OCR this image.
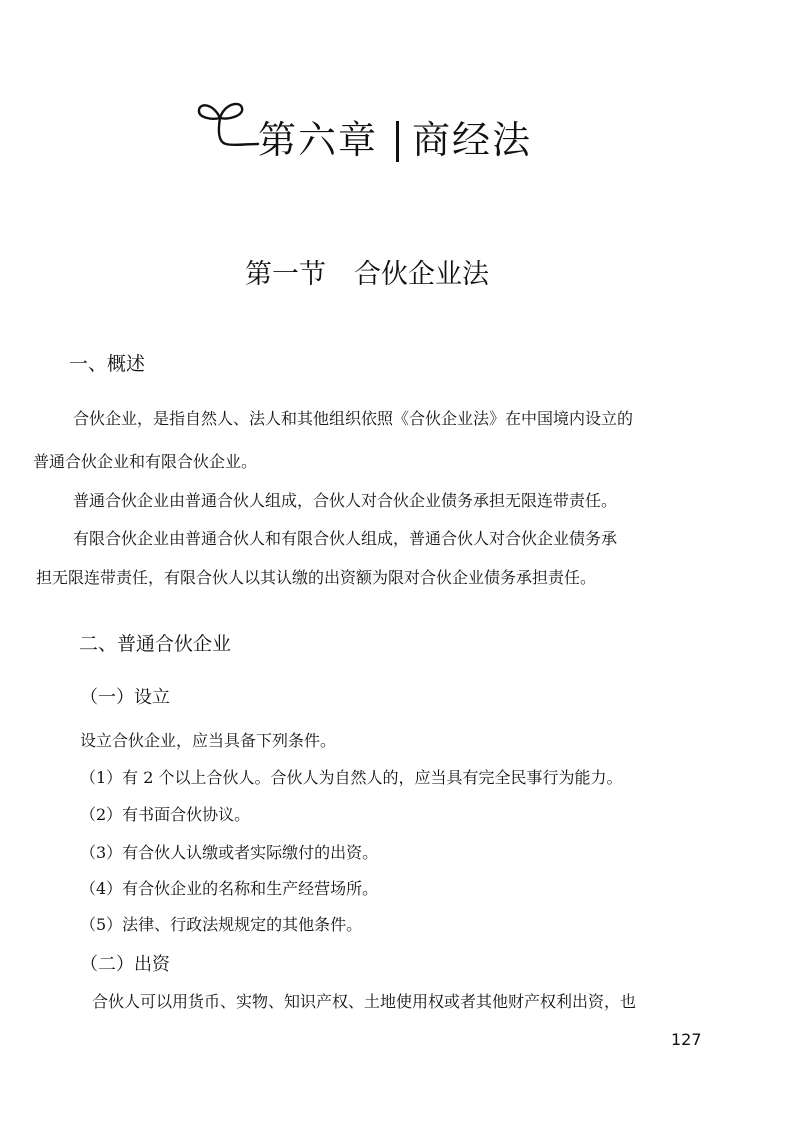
第六章 商经法
第一节 合伙企业法
一、概述
合伙企业，是指自然人、法人和其他组织依照《合伙企业法》在中国境内设立的
普通合伙企业和有限合伙企业。
普通合伙企业由普通合伙人组成，合伙人对合伙企业债务承担无限连带责任。
有限合伙企业由普通合伙人和有限合伙人组成，普通合伙人对合伙企业债务承
担无限连带责任，有限合伙人以其认缴的出资额为限对合伙企业债务承担责任。
二、普通合伙企业
（一）设立
设立合伙企业，应当具备下列条件。
（1）有 2 个以上合伙人。合伙人为自然人的，应当具有完全民事行为能力。
（2）有书面合伙协议。
（3）有合伙人认缴或者实际缴付的出资。
（4）有合伙企业的名称和生产经营场所。
（5）法律、行政法规规定的其他条件。
（二）出资
合伙人可以用货币、实物、知识产权、土地使用权或者其他财产权利出资，也
127
